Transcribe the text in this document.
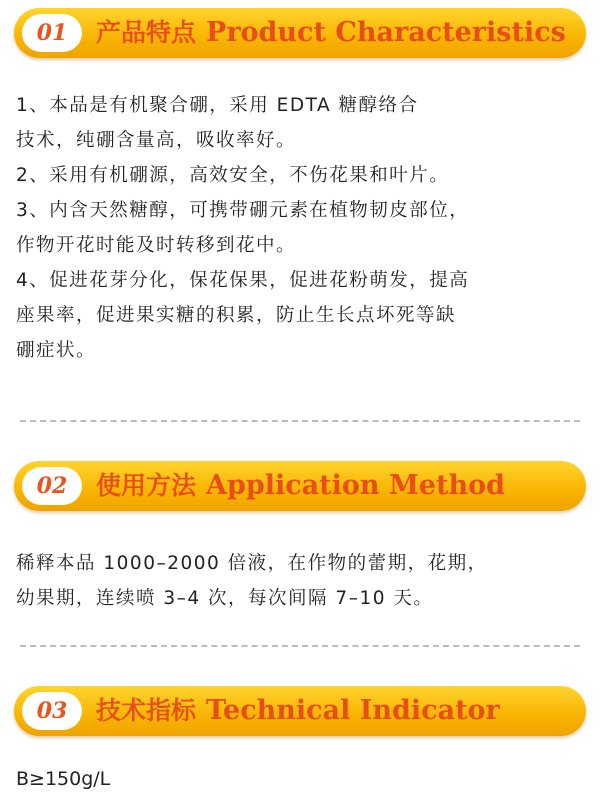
01 产品特点 Product Characteristics

1、本品是有机聚合硼，采用 EDTA 糖醇络合

技术，纯硼含量高，吸收率好。

2、采用有机硼源，高效安全，不伤花果和叶片。

3、内含天然糖醇，可携带硼元素在植物韧皮部位，

作物开花时能及时转移到花中。

4、促进花芽分化，保花保果，促进花粉萌发，提高

座果率，促进果实糖的积累，防止生长点坏死等缺

硼症状。

02 使用方法 Application Method

稀释本品 1000–2000 倍液，在作物的蕾期，花期，

幼果期，连续喷 3–4 次，每次间隔 7–10 天。

03 技术指标 Technical Indicator
B≥150g/L
